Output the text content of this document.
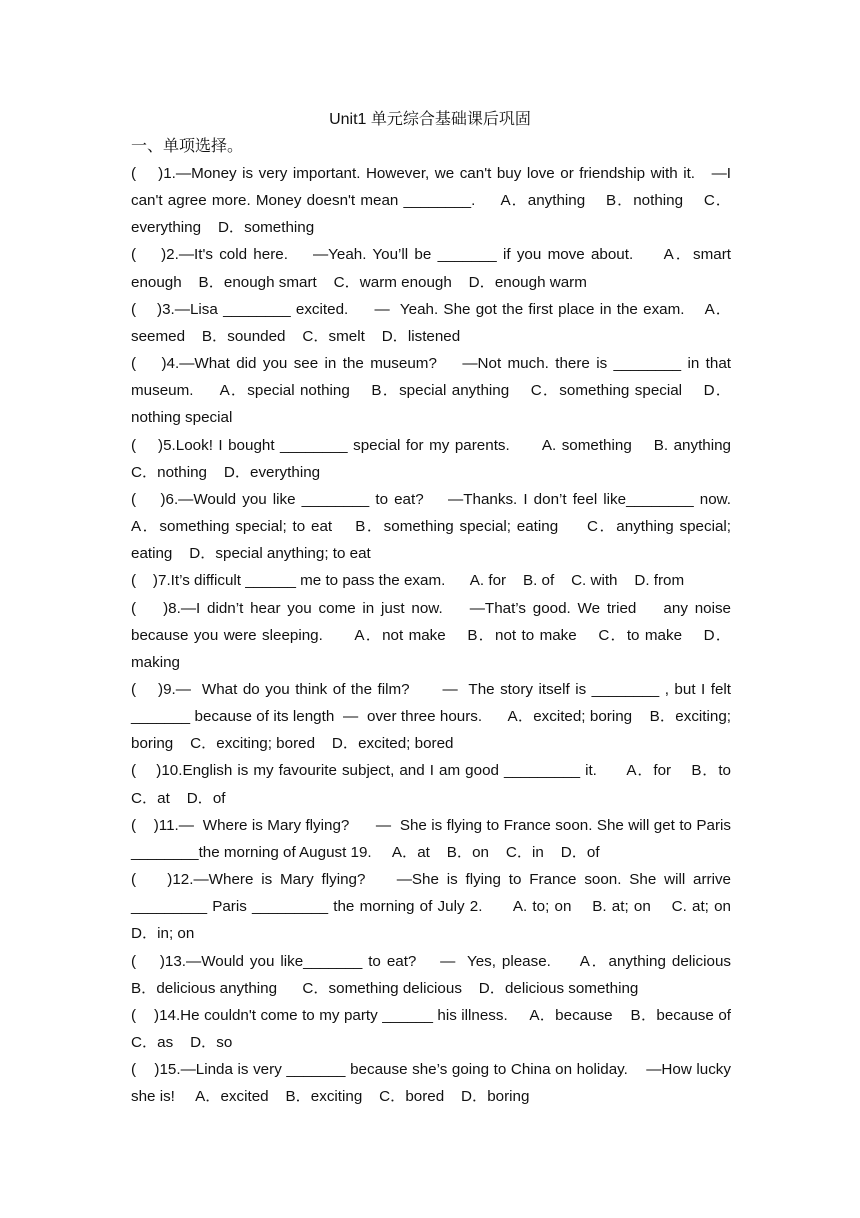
Unit1 单元综合基础课后巩固
一、单项选择。

(    )1.—Money is very important. However, we can't buy love or friendship with it.   —I can't agree more. Money doesn't mean ________.     A．anything    B．nothing    C．everything    D．something

(    )2.—It's cold here.    —Yeah. You’ll be _______ if you move about.     A．smart enough    B．enough smart    C．warm enough    D．enough warm

(    )3.—Lisa ________ excited.     —  Yeah. She got the first place in the exam.    A．seemed    B．sounded    C．smelt    D．listened

(    )4.—What did you see in the museum?    —Not much. there is ________ in that museum.     A．special nothing    B．special anything    C．something special    D．nothing special

(    )5.Look! I bought ________ special for my parents.      A. something    B. anything    C．nothing    D．everything

(    )6.—Would you like ________ to eat?    —Thanks. I don’t feel like________ now.    A．something special; to eat    B．something special; eating     C．anything special; eating    D．special anything; to eat

(    )7.It’s difficult ______ me to pass the exam.      A. for    B. of    C. with    D. from

(    )8.—I didn’t hear you come in just now.    —That’s good. We tried    any noise because you were sleeping.      A．not make    B．not to make    C．to make    D．making

(    )9.—  What do you think of the film?      —  The story itself is ________ , but I felt _______ because of its length  —  over three hours.      A．excited; boring    B．exciting; boring    C．exciting; bored    D．excited; bored

(    )10.English is my favourite subject, and I am good _________ it.      A．for    B．to    C．at    D．of

(    )11.—  Where is Mary flying?      —  She is flying to France soon. She will get to Paris ________the morning of August 19.     A．at    B．on    C．in    D．of

(    )12.—Where is Mary flying?    —She is flying to France soon. She will arrive _________ Paris _________ the morning of July 2.      A. to; on    B. at; on    C. at; on    D．in; on

(    )13.—Would you like_______ to eat?    —  Yes, please.     A．anything delicious    B．delicious anything      C．something delicious    D．delicious something

(    )14.He couldn't come to my party ______ his illness.     A．because    B．because of    C．as    D．so

(    )15.—Linda is very _______ because she’s going to China on holiday.    —How lucky she is!     A．excited    B．exciting    C．bored    D．boring
